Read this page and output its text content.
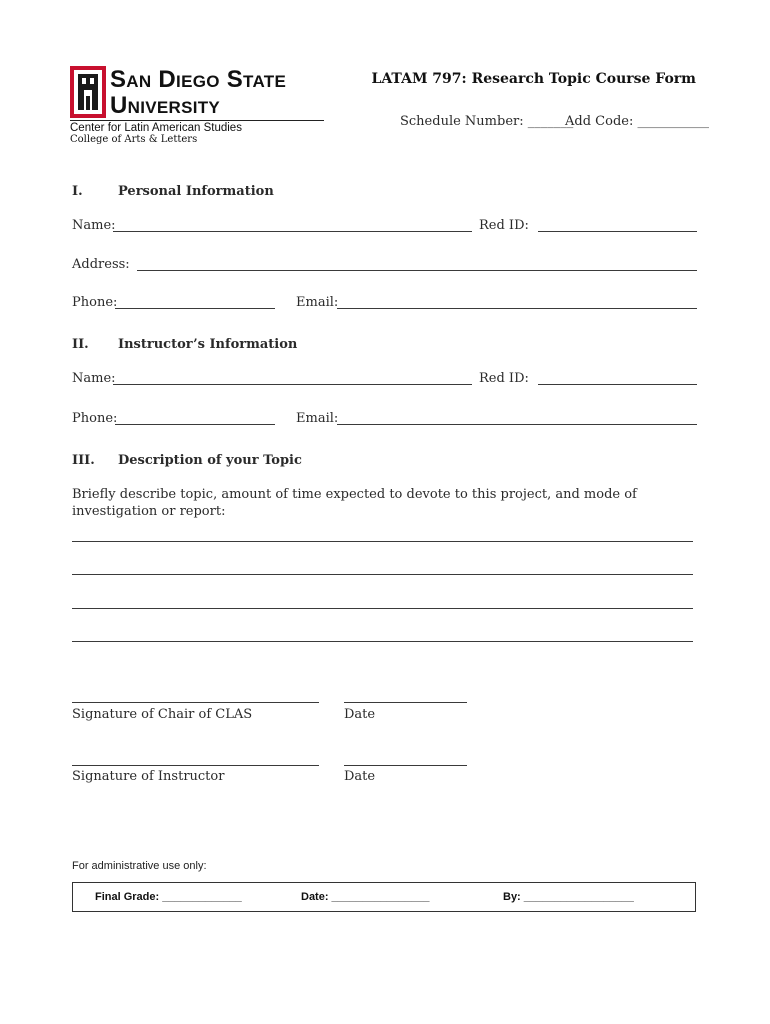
San Diego State
University
Center for Latin American Studies
College of Arts & Letters
LATAM 797: Research Topic Course Form
Schedule Number: _______
Add Code: ___________
I.	Personal Information
Name:	Red ID:
Address:
Phone:	Email:
II. Instructor’s Information
Name:	Red ID:
Phone:	Email:
III. Description of your Topic
Briefly describe topic, amount of time expected to devote to this project, and mode of investigation or report:
Signature of Chair of CLAS	Date
Signature of Instructor	Date
For administrative use only:
Final Grade: _____________	Date: ________________	By: __________________
